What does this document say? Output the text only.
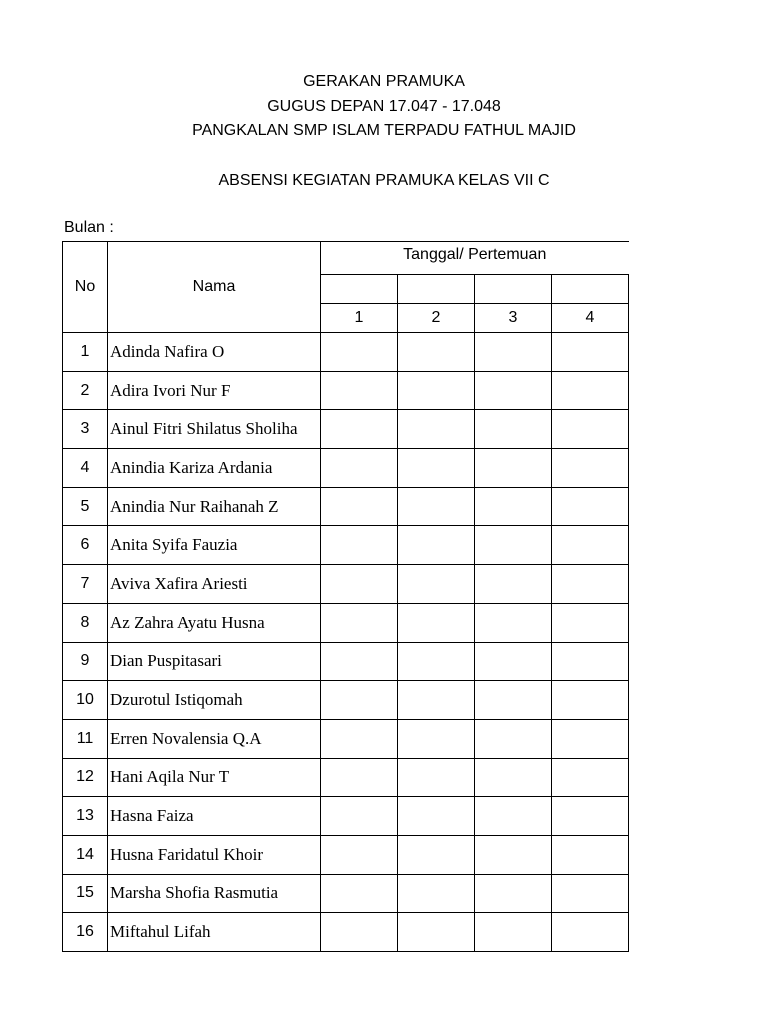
GERAKAN PRAMUKA

GUGUS DEPAN 17.047 - 17.048

PANGKALAN SMP ISLAM TERPADU FATHUL MAJID

ABSENSI KEGIATAN PRAMUKA KELAS VII C

Bulan :
No	Nama	Tanggal/ Pertemuan			

		1	2	3	4
1	Adinda Nafira O				
2	Adira Ivori Nur F				
3	Ainul Fitri Shilatus Sholiha				
4	Anindia Kariza Ardania				
5	Anindia Nur Raihanah Z				
6	Anita Syifa Fauzia				
7	Aviva Xafira Ariesti				
8	Az Zahra Ayatu Husna				
9	Dian Puspitasari				
10	Dzurotul Istiqomah				
11	Erren Novalensia Q.A				
12	Hani Aqila Nur T				
13	Hasna Faiza				
14	Husna Faridatul Khoir				
15	Marsha Shofia Rasmutia				
16	Miftahul Lifah				
